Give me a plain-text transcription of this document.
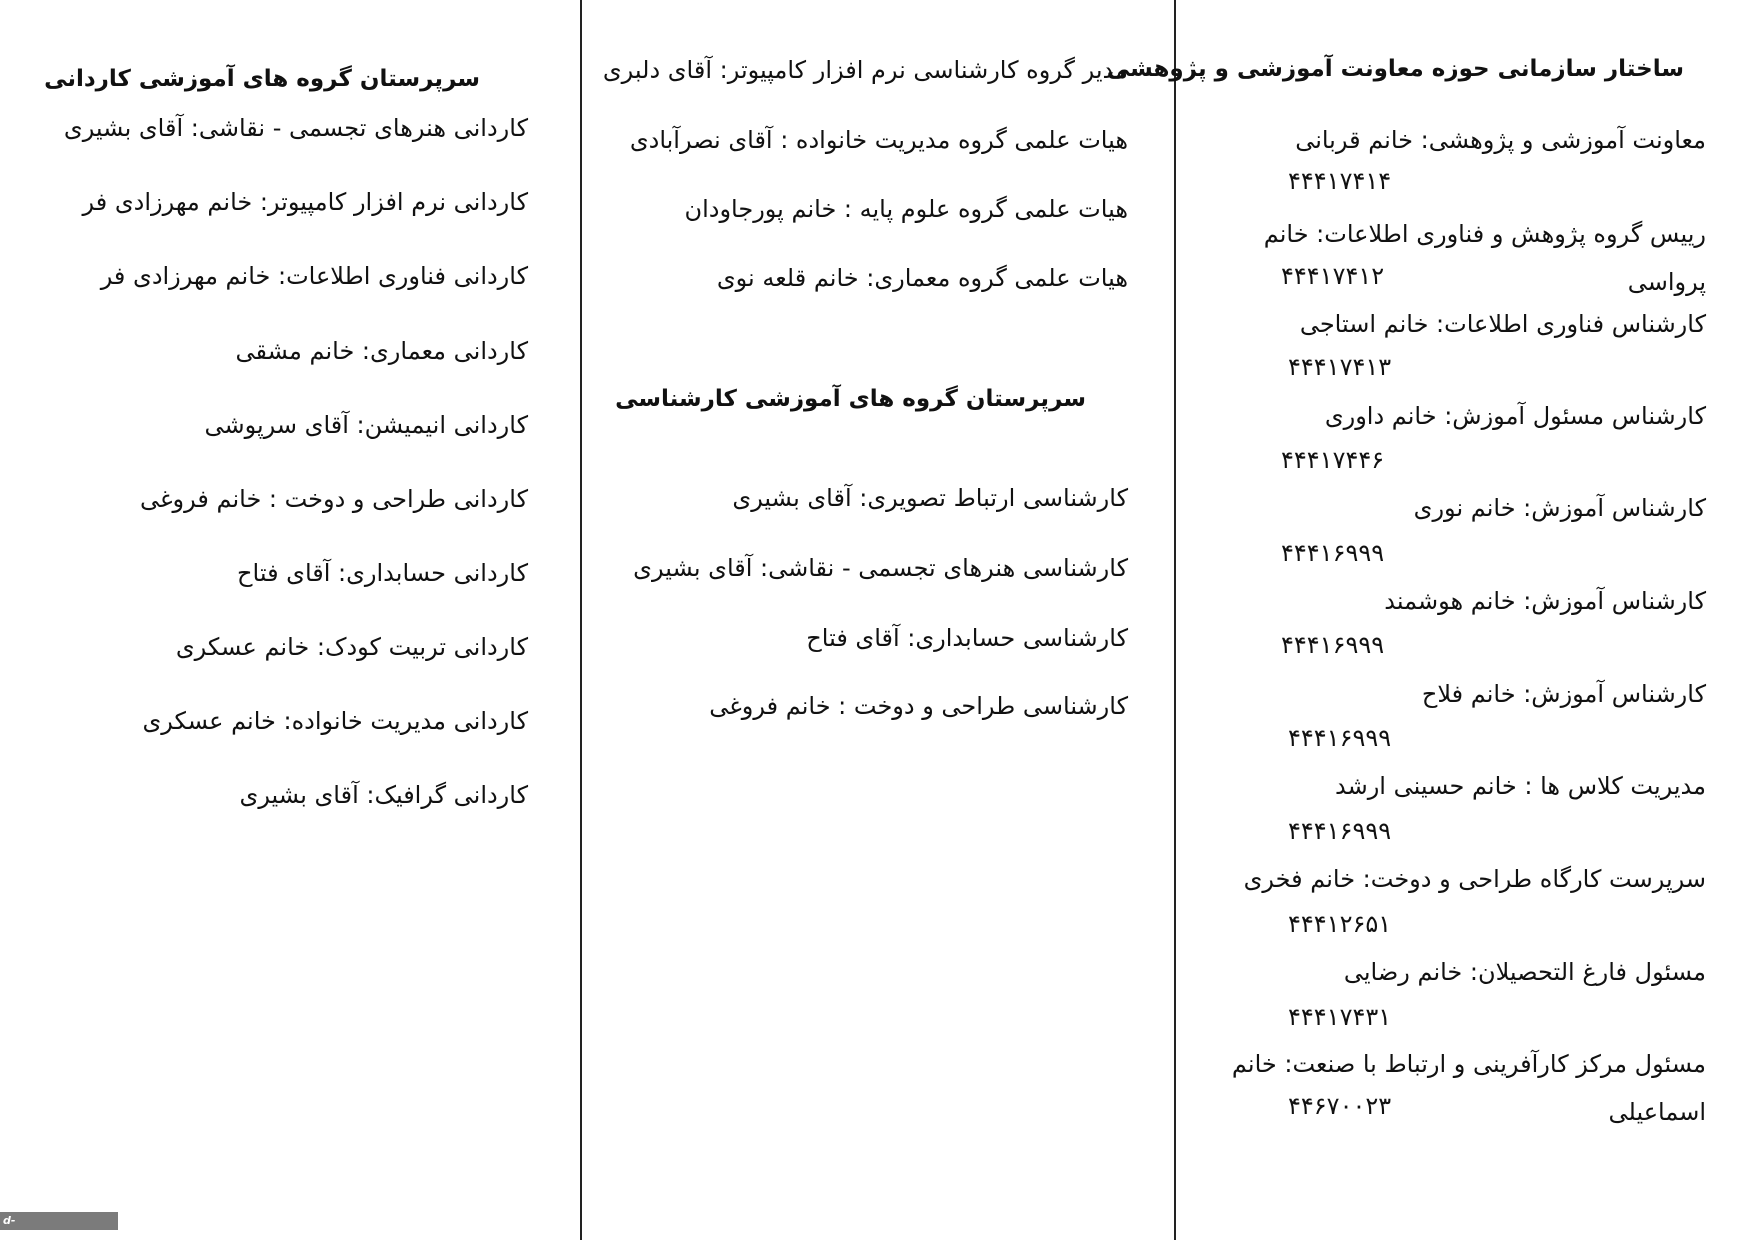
ساختار سازمانی حوزه معاونت آموزشی و پژوهشی
معاونت آموزشی و پژوهشی: خانم قربانی
۴۴۴۱۷۴۱۴
رییس گروه پژوهش و فناوری اطلاعات: خانم
پرواسی
۴۴۴۱۷۴۱۲
کارشناس فناوری اطلاعات: خانم استاجی
۴۴۴۱۷۴۱۳
کارشناس مسئول آموزش: خانم داوری
۴۴۴۱۷۴۴۶
کارشناس آموزش: خانم نوری
۴۴۴۱۶۹۹۹
کارشناس آموزش: خانم هوشمند
۴۴۴۱۶۹۹۹
کارشناس آموزش: خانم فلاح
۴۴۴۱۶۹۹۹
مدیریت کلاس ها : خانم حسینی ارشد
۴۴۴۱۶۹۹۹
سرپرست کارگاه طراحی و دوخت: خانم فخری
۴۴۴۱۲۶۵۱
مسئول فارغ التحصیلان: خانم رضایی
۴۴۴۱۷۴۳۱
مسئول مرکز کارآفرینی و ارتباط با صنعت: خانم
اسماعیلی
۴۴۶۷۰۰۲۳
مدیر گروه کارشناسی نرم افزار کامپیوتر: آقای دلبری
هیات علمی گروه مدیریت خانواده : آقای نصرآبادی
هیات علمی گروه علوم پایه : خانم پورجاودان
هیات علمی گروه معماری: خانم قلعه نوی
سرپرستان گروه های آموزشی کارشناسی
کارشناسی ارتباط تصویری: آقای بشیری
کارشناسی هنرهای تجسمی - نقاشی: آقای بشیری
کارشناسی حسابداری: آقای فتاح
کارشناسی طراحی و دوخت : خانم فروغی
سرپرستان گروه های آموزشی کاردانی
کاردانی هنرهای تجسمی - نقاشی: آقای بشیری
کاردانی نرم افزار کامپیوتر: خانم مهرزادی فر
کاردانی فناوری اطلاعات: خانم مهرزادی فر
کاردانی معماری: خانم مشقی
کاردانی انیمیشن: آقای سرپوشی
کاردانی طراحی و دوخت : خانم فروغی
کاردانی حسابداری: آقای فتاح
کاردانی تربیت کودک: خانم عسکری
کاردانی مدیریت خانواده: خانم عسکری
کاردانی گرافیک: آقای بشیری
d-sabzevar.tvu.ac.ir
